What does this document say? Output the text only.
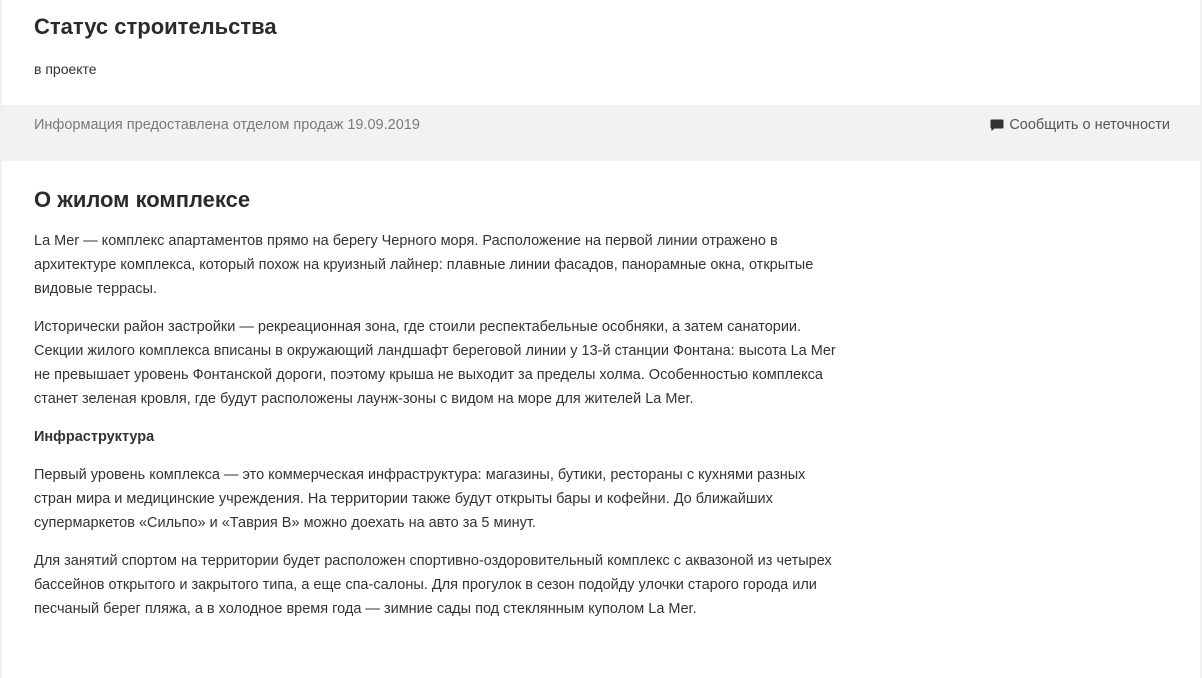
Статус строительства
в проекте
Информация предоставлена отделом продаж 19.09.2019	Сообщить о неточности
О жилом комплексе

La Mer — комплекс апартаментов прямо на берегу Черного моря. Расположение на первой линии отражено в архитектуре комплекса, который похож на круизный лайнер: плавные линии фасадов, панорамные окна, открытые видовые террасы.

Исторически район застройки — рекреационная зона, где стоили респектабельные особняки, а затем санатории. Секции жилого комплекса вписаны в окружающий ландшафт береговой линии у 13-й станции Фонтана: высота La Mer не превышает уровень Фонтанской дороги, поэтому крыша не выходит за пределы холма. Особенностью комплекса станет зеленая кровля, где будут расположены лаунж-зоны с видом на море для жителей La Mer.

Инфраструктура

Первый уровень комплекса — это коммерческая инфраструктура: магазины, бутики, рестораны с кухнями разных стран мира и медицинские учреждения. На территории также будут открыты бары и кофейни. До ближайших супермаркетов «Сильпо» и «Таврия В» можно доехать на авто за 5 минут.

Для занятий спортом на территории будет расположен спортивно-оздоровительный комплекс с аквазоной из четырех бассейнов открытого и закрытого типа, а еще спа-салоны. Для прогулок в сезон подойду улочки старого города или песчаный берег пляжа, а в холодное время года — зимние сады под стеклянным куполом La Mer.
